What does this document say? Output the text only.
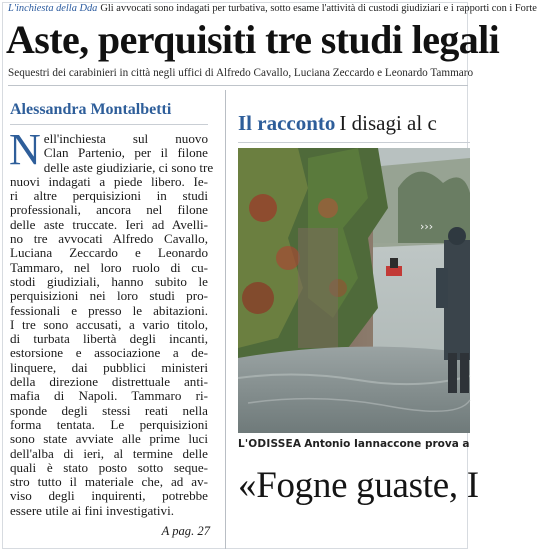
L'inchiesta della Dda Gli avvocati sono indagati per turbativa, sotto esame l'attività di custodi giudiziari e i rapporti con i Forte
Aste, perquisiti tre studi legali
Sequestri dei carabinieri in città negli uffici di Alfredo Cavallo, Luciana Zeccardo e Leonardo Tammaro
Alessandra Montalbetti
N ell'inchiesta sul nuovo
Clan Partenio, per il filone
delle aste giudiziarie, ci sono tre
nuovi indagati a piede libero. Ie-
ri altre perquisizioni in studi
professionali, ancora nel filone
delle aste truccate. Ieri ad Avelli-
no tre avvocati Alfredo Cavallo,
Luciana Zeccardo e Leonardo
Tammaro, nel loro ruolo di cu-
stodi giudiziali, hanno subito le
perquisizioni nei loro studi pro-
fessionali e presso le abitazioni.
I tre sono accusati, a vario titolo,
di turbata libertà degli incanti,
estorsione e associazione a de-
linquere, dai pubblici ministeri
della direzione distrettuale anti-
mafia di Napoli. Tammaro ri-
sponde degli stessi reati nella
forma tentata. Le perquisizioni
sono state avviate alle prime luci
dell'alba di ieri, al termine delle
quali è stato posto sotto seque-
stro tutto il materiale che, ad av-
viso degli inquirenti, potrebbe
essere utile ai fini investigativi.
A pag. 27
Il racconto I disagi al c
›››
L'ODISSEA Antonio Iannaccone prova a
«Fogne guaste, I
